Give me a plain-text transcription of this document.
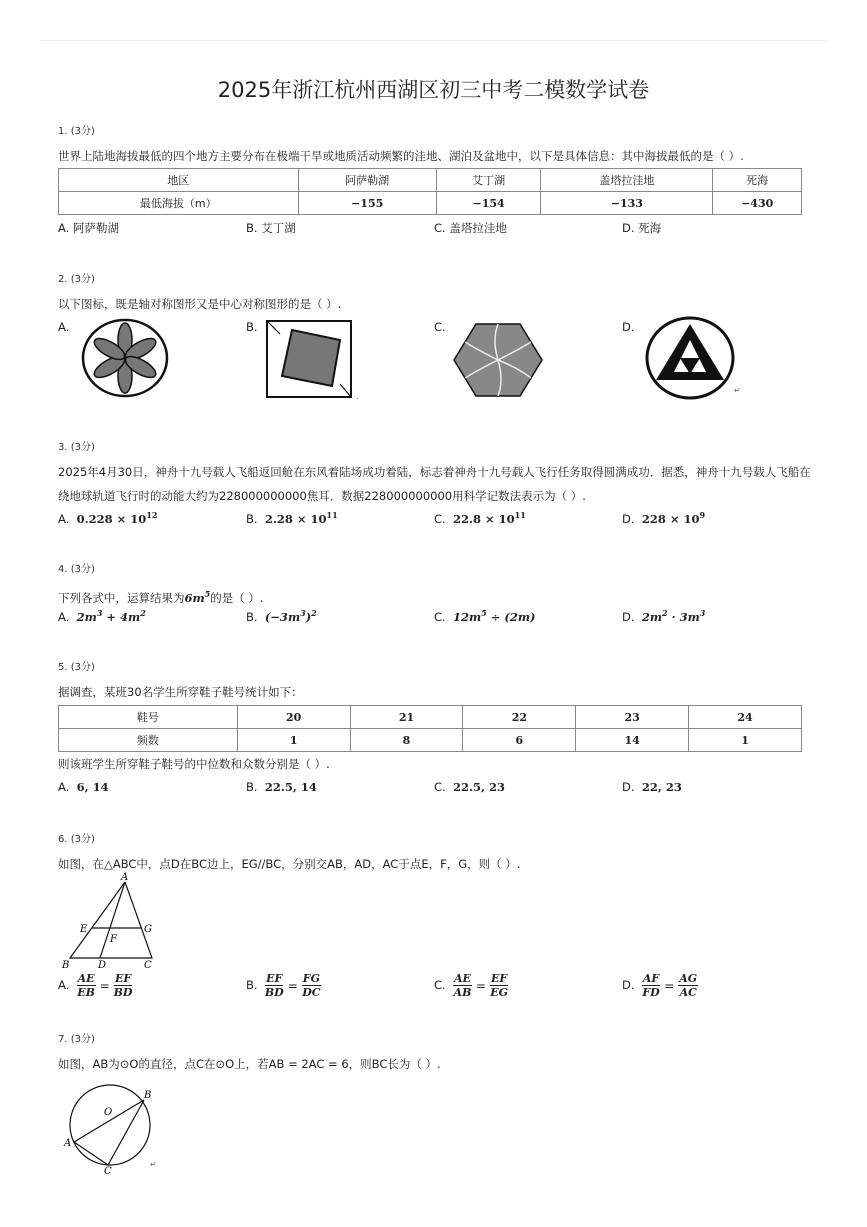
2025年浙江杭州西湖区初三中考二模数学试卷
1. (3分)
世界上陆地海拔最低的四个地方主要分布在极端干旱或地质活动频繁的洼地、湖泊及盆地中，以下是具体信息：其中海拔最低的是（ ）.
地区	阿萨勒湖	艾丁湖	盖塔拉洼地	死海
最低海拔（m）	−155	−154	−133	−430
A. 阿萨勒湖	B. 艾丁湖	C. 盖塔拉洼地	D. 死海
2. (3分)
以下图标，既是轴对称图形又是中心对称图形的是（ ）.
A.	B.	C.	D.
.
↵
3. (3分)
2025年4月30日，神舟十九号载人飞船返回舱在东风着陆场成功着陆，标志着神舟十九号载人飞行任务取得圆满成功．据悉，神舟十九号载人飞船在
绕地球轨道飞行时的动能大约为228000000000焦耳．数据228000000000用科学记数法表示为（ ）.
A. $0.228 \times 10^{12}$	B. $2.28 \times 10^{11}$	C. $22.8 \times 10^{11}$	D. $228 \times 10^9$
4. (3分)
下列各式中，运算结果为$6m^5$的是（ ）.
A. $2m^3 + 4m^2$	B. $(-3m^3)^2$	C. $12m^5 \div (2m)$	D. $2m^2 \cdot 3m^3$
5. (3分)
据调查，某班30名学生所穿鞋子鞋号统计如下：
鞋号	20	21	22	23	24
频数	1	8	6	14	1
则该班学生所穿鞋子鞋号的中位数和众数分别是（ ）.
A. 6, 14	B. 22.5, 14	C. 22.5, 23	D. 22, 23
6. (3分)
如图，在△ABC中，点D在BC边上，EG//BC，分别交AB，AD，AC于点E，F，G，则（ ）.
A
E	G
F
B	D	C
A. $\frac{AE}{EB} = \frac{EF}{BD}$	B. $\frac{EF}{BD} = \frac{FG}{DC}$	C. $\frac{AE}{AB} = \frac{EF}{EG}$	D. $\frac{AF}{FD} = \frac{AG}{AC}$
7. (3分)
如图，AB为⊙O的直径，点C在⊙O上，若AB = 2AC = 6，则BC长为（ ）.
B
O
A
C
↵
